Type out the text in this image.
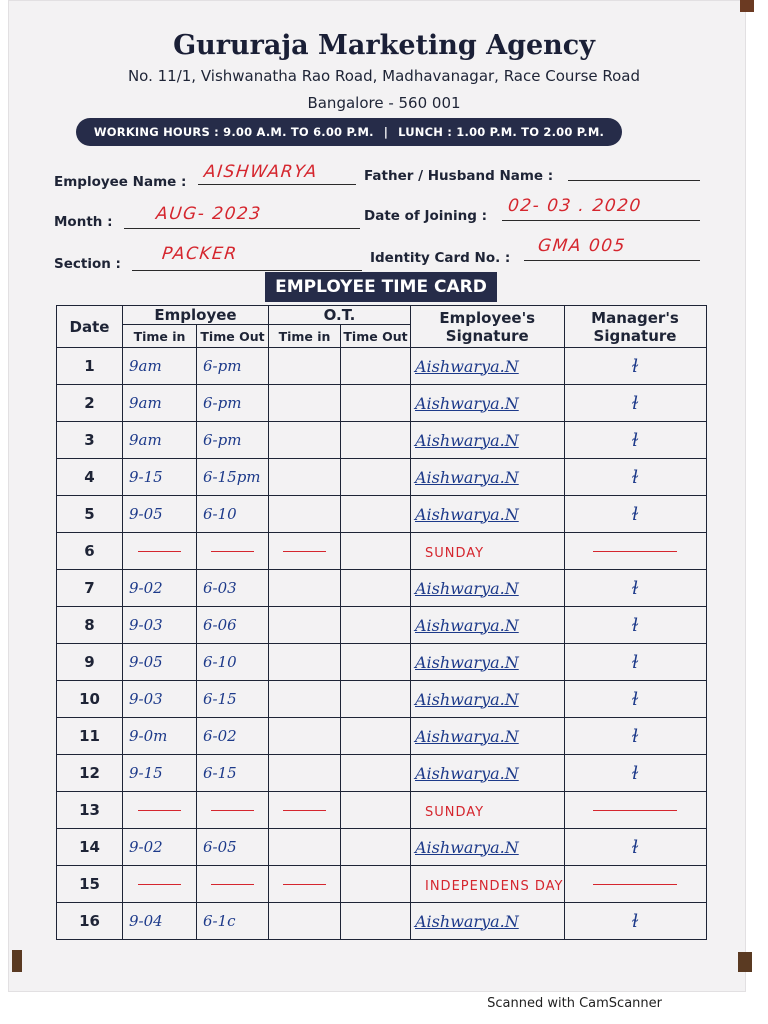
Gururaja Marketing Agency
No. 11/1, Vishwanatha Rao Road, Madhavanagar, Race Course Road
Bangalore - 560 001
WORKING HOURS : 9.00 A.M. TO 6.00 P.M. | LUNCH : 1.00 P.M. TO 2.00 P.M.
Employee Name : AISHWARYA	Father / Husband Name :
Month : AUG- 2023	Date of Joining : 02- 03 . 2020
Section : PACKER	Identity Card No. :
GMA 005
EMPLOYEE TIME CARD
Date	Employee		O.T.		Employee's Signature	Manager's Signature
	Time in	Time Out	Time in	Time Out		
1	9am	6-pm			Aishwarya.N	ɫ
2	9am	6-pm			Aishwarya.N	ɫ
3	9am	6-pm			Aishwarya.N	ɫ
4	9-15	6-15pm			Aishwarya.N	ɫ
5	9-05	6-10			Aishwarya.N	ɫ
6					SUNDAY	

7	9-02	6-03			Aishwarya.N	ɫ
8	9-03	6-06			Aishwarya.N	ɫ
9	9-05	6-10			Aishwarya.N	ɫ
10	9-03	6-15			Aishwarya.N	ɫ
11	9-0m	6-02			Aishwarya.N	ɫ
12	9-15	6-15			Aishwarya.N	ɫ
13					SUNDAY	

14	9-02	6-05			Aishwarya.N	ɫ
15					INDEPENDENS DAY	

16	9-04	6-1c			Aishwarya.N	ɫ
Scanned with CamScanner
